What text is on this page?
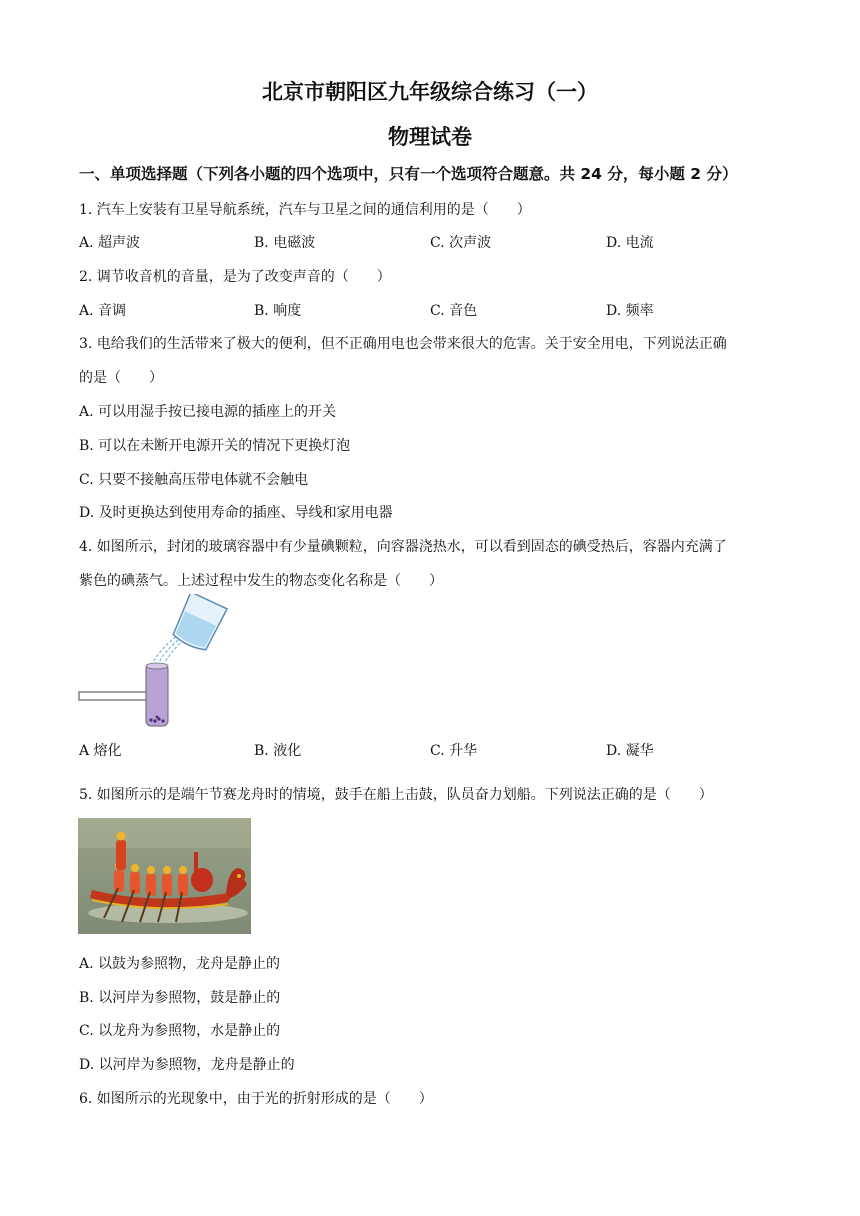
北京市朝阳区九年级综合练习（一）
物理试卷
一、单项选择题（下列各小题的四个选项中，只有一个选项符合题意。共 24 分，每小题 2 分）
1. 汽车上安装有卫星导航系统，汽车与卫星之间的通信利用的是（　　）
A. 超声波	B. 电磁波	C. 次声波	D. 电流
2. 调节收音机的音量，是为了改变声音的（　　）
A. 音调	B. 响度	C. 音色	D. 频率
3. 电给我们的生活带来了极大的便利，但不正确用电也会带来很大的危害。关于安全用电，下列说法正确
的是（　　）
A. 可以用湿手按已接电源的插座上的开关
B. 可以在未断开电源开关的情况下更换灯泡
C. 只要不接触高压带电体就不会触电
D. 及时更换达到使用寿命的插座、导线和家用电器
4. 如图所示，封闭的玻璃容器中有少量碘颗粒，向容器浇热水，可以看到固态的碘受热后，容器内充满了
紫色的碘蒸气。上述过程中发生的物态变化名称是（　　）
A 熔化	B. 液化	C. 升华	D. 凝华
5. 如图所示的是端午节赛龙舟时的情境，鼓手在船上击鼓，队员奋力划船。下列说法正确的是（　　）
A. 以鼓为参照物，龙舟是静止的
B. 以河岸为参照物，鼓是静止的
C. 以龙舟为参照物，水是静止的
D. 以河岸为参照物，龙舟是静止的
6. 如图所示的光现象中，由于光的折射形成的是（　　）
